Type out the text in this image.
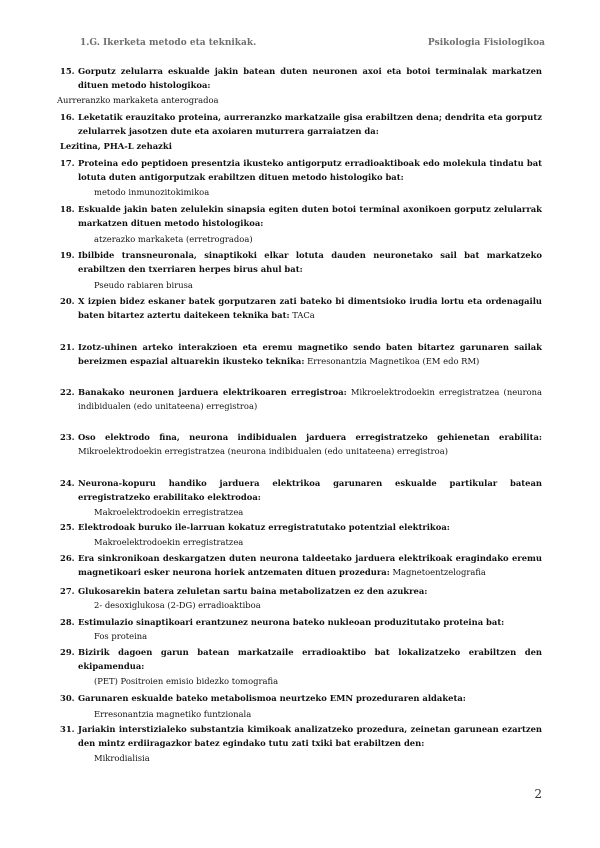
1.G. Ikerketa metodo eta teknikak.	Psikologia Fisiologikoa
15. Gorputz zelularra eskualde jakin batean duten neuronen axoi eta botoi terminalak markatzen dituen metodo histologikoa:
Aurreranzko markaketa anterogradoa
16. Leketatik erauzitako proteina, aurreranzko markatzaile gisa erabiltzen dena; dendrita eta gorputz zelularrek jasotzen dute eta axoiaren muturrera garraiatzen da:
Lezitina, PHA-L zehazki
17. Proteina edo peptidoen presentzia ikusteko antigorputz erradioaktiboak edo molekula tindatu bat lotuta duten antigorputzak erabiltzen dituen metodo histologiko bat:
metodo inmunozitokimikoa
18. Eskualde jakin baten zelulekin sinapsia egiten duten botoi terminal axonikoen gorputz zelularrak markatzen dituen metodo histologikoa:
atzerazko markaketa (erretrogradoa)
19. Ibilbide transneuronala, sinaptikoki elkar lotuta dauden neuronetako sail bat markatzeko erabiltzen den txerriaren herpes birus ahul bat:
Pseudo rabiaren birusa
20. X izpien bidez eskaner batek gorputzaren zati bateko bi dimentsioko irudia lortu eta ordenagailu baten bitartez aztertu daitekeen teknika bat: TACa
21. Izotz-uhinen arteko interakzioen eta eremu magnetiko sendo baten bitartez garunaren sailak bereizmen espazial altuarekin ikusteko teknika: Erresonantzia Magnetikoa (EM edo RM)
22. Banakako neuronen jarduera elektrikoaren erregistroa: Mikroelektrodoekin erregistratzea (neurona indibidualen (edo unitateena) erregistroa)
23. Oso elektrodo fina, neurona indibidualen jarduera erregistratzeko gehienetan erabilita: Mikroelektrodoekin erregistratzea (neurona indibidualen (edo unitateena) erregistroa)
24. Neurona-kopuru handiko jarduera elektrikoa garunaren eskualde partikular batean erregistratzeko erabilitako elektrodoa:
Makroelektrodoekin erregistratzea
25. Elektrodoak buruko ile-larruan kokatuz erregistratutako potentzial elektrikoa:
Makroelektrodoekin erregistratzea
26. Era sinkronikoan deskargatzen duten neurona taldeetako jarduera elektrikoak eragindako eremu magnetikoari esker neurona horiek antzematen dituen prozedura: Magnetoentzelografia
27. Glukosarekin batera zeluletan sartu baina metabolizatzen ez den azukrea:
2- desoxiglukosa (2-DG) erradioaktiboa
28. Estimulazio sinaptikoari erantzunez neurona bateko nukleoan produzitutako proteina bat:
Fos proteina
29. Bizirik dagoen garun batean markatzaile erradioaktibo bat lokalizatzeko erabiltzen den ekipamendua:
(PET) Positroien emisio bidezko tomografia
30. Garunaren eskualde bateko metabolismoa neurtzeko EMN prozeduraren aldaketa:
Erresonantzia magnetiko funtzionala
31. Jariakin interstizialeko substantzia kimikoak analizatzeko prozedura, zeinetan garunean ezartzen den mintz erdiiragazkor batez egindako tutu zati txiki bat erabiltzen den:
Mikrodialisia
2
